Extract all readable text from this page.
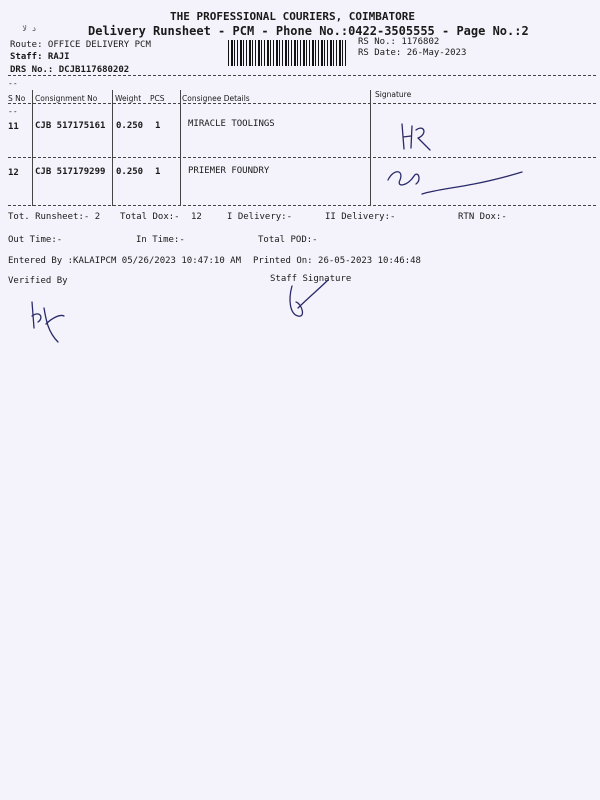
د لا
THE PROFESSIONAL COURIERS, COIMBATORE
Delivery Runsheet - PCM - Phone No.:0422-3505555 - Page No.:2
Route: OFFICE DELIVERY PCM
Staff: RAJI
DRS No.: DCJB117680202
RS No.: 1176802
RS Date: 26-May-2023
--
S No Consignment No Weight PCS Consignee Details	Signature
--
11 CJB 517175161 0.250 1	MIRACLE TOOLINGS
12 CJB 517179299 0.250 1	PRIEMER FOUNDRY
Tot. Runsheet:- 2 Total Dox:- 12	I Delivery:-	II Delivery:-	RTN Dox:-
Out Time:-	In Time:-	Total POD:-
Entered By :KALAIPCM 05/26/2023 10:47:10 AM Printed On: 26-05-2023 10:46:48
Verified By	Staff Signature
